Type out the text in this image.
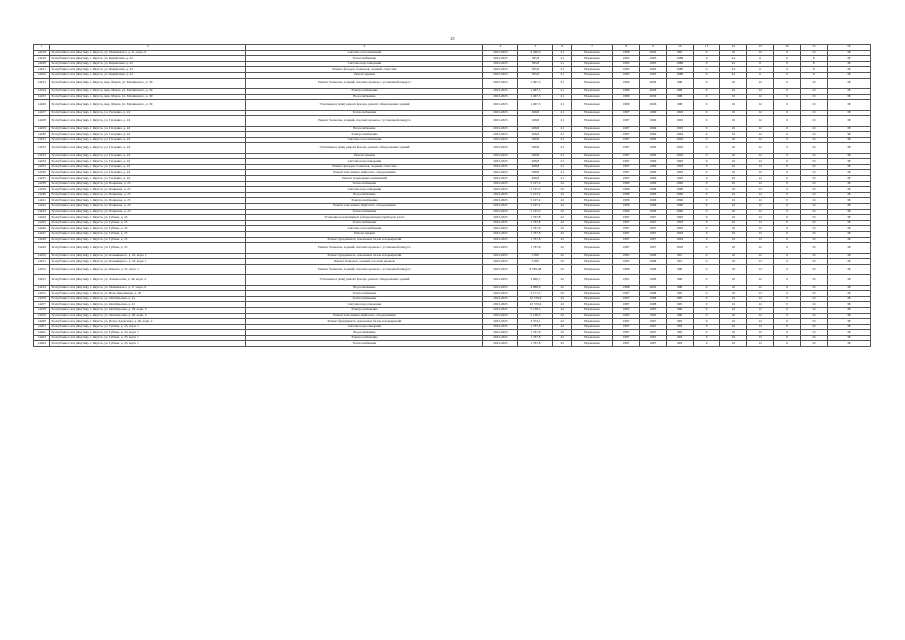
25
1	2	3	4	5	6	7	8	9	10	11	12	13	14	15	16
14218	Республика Саха (Якутия), г. Якутск, ул. Можайского, д. 21, корп. 6	Система газоснабжения	2023-2025	4 599,0	21	Нормально	1988	2002	995	0	16	12	0	10	38
14219	Республика Саха (Якутия), г. Якутск, ул. Кирпичная, д. 22	Теплоснабжение	2023-2025	595,8	21	Нормально	1983	1993	1988	0	24	6	0	8	38
14220	Республика Саха (Якутия), г. Якутск, ул. Кирпичная, д. 22	Система водоотведения	2023-2025	595,8	21	Нормально	1983	1993	1988	0	24	6	0	8	38
14221	Республика Саха (Якутия), г. Якутск, ул. Кирпичная, д. 22	Ремонт фасадов, балконов, лоджий, отмостки	2023-2025	595,8	21	Нормально	1983	1993	1988	0	24	6	0	8	38
14222	Республика Саха (Якутия), г. Якутск, ул. Кирпичная, д. 22	Ремонт крыши	2023-2025	595,8	21	Нормально	1983	1993	1988	0	24	6	0	8	38
14223	Республика Саха (Якутия), г. Якутск, мкр. Марха, ул. Малинового, д. 30	Ремонт балконов, лоджий, плоских кровель с установкой пандуса	2023-2025	1 467,3	21	Нормально	1989	2006	998	0	16	12	0	10	38
14224	Республика Саха (Якутия), г. Якутск, мкр. Марха, ул. Малинового, д. 30	Электроснабжение	2023-2025	1 467,3	21	Нормально	1989	2006	998	0	16	12	0	10	38
14225	Республика Саха (Якутия), г. Якутск, мкр. Марха, ул. Малинового, д. 30	Водоснабжение	2023-2025	1 467,3	21	Нормально	1989	2006	998	0	16	12	0	10	38
14226	Республика Саха (Якутия), г. Якутск, мкр. Марха, ул. Малинового, д. 30	Утепление и (или) ремонт фасада, ремонт общедомовых зданий	2023-2025	1 467,3	21	Нормально	1989	2006	998	0	16	12	0	10	38
14227	Республика Саха (Якутия), г. Якутск, ул. Гагарина, д. 24	Теплоснабжение	2023-2025	928,8	21	Нормально	1987	1999	1993	0	16	12	0	10	38
14228	Республика Саха (Якутия), г. Якутск, ул. Гагарина, д. 24	Ремонт балконов, лоджий, плоских кровель с установкой пандуса	2023-2025	928,8	21	Нормально	1987	1999	1993	0	16	12	0	10	38
14229	Республика Саха (Якутия), г. Якутск, ул. Гагарина, д. 24	Водоснабжение	2023-2025	928,8	21	Нормально	1987	1999	1993	0	16	12	0	10	38
14230	Республика Саха (Якутия), г. Якутск, ул. Гагарина, д. 24	Электроснабжение	2023-2025	928,8	21	Нормально	1987	1999	1993	0	16	12	0	10	38
14231	Республика Саха (Якутия), г. Якутск, ул. Гагарина, д. 24	Система газоснабжения	2023-2025	928,8	21	Нормально	1987	1999	1993	0	16	12	0	10	38
14232	Республика Саха (Якутия), г. Якутск, ул. Гагарина, д. 24	Утепление и (или) ремонт фасада, ремонт общедомовых зданий	2023-2025	928,8	21	Нормально	1987	1999	1993	0	16	12	0	10	38
14233	Республика Саха (Якутия), г. Якутск, ул. Гагарина, д. 24	Ремонт крыши	2023-2025	928,8	21	Нормально	1987	1999	1993	0	16	12	0	10	38
14234	Республика Саха (Якутия), г. Якутск, ул. Гагарина, д. 24	Система водоотведения	2023-2025	928,8	21	Нормально	1987	1999	1993	0	16	12	0	10	38
14235	Республика Саха (Якутия), г. Якутск, ул. Гагарина, д. 24	Ремонт фасадов, балконов, лоджий, отмостки	2023-2025	928,8	21	Нормально	1987	1999	1993	0	16	12	0	10	38
14236	Республика Саха (Якутия), г. Якутск, ул. Гагарина, д. 24	Ремонт или замена лифтового оборудования	2023-2025	928,8	21	Нормально	1987	1999	1993	0	16	12	0	10	38
14237	Республика Саха (Якутия), г. Якутск, ул. Гагарина, д. 24	Ремонт подвальных помещений	2023-2025	928,8	21	Нормально	1987	1999	1993	0	16	12	0	10	38
14238	Республика Саха (Якутия), г. Якутск, ул. Пояркова, д. 25	Теплоснабжение	2023-2025	5 197,2	22	Нормально	1986	1996	1990	0	16	12	0	10	38
14239	Республика Саха (Якутия), г. Якутск, ул. Пояркова, д. 25	Система водоотведения	2023-2025	5 197,2	22	Нормально	1986	1996	1990	0	16	12	0	10	38
14240	Республика Саха (Якутия), г. Якутск, ул. Пояркова, д. 25	Водоснабжение	2023-2025	5 197,2	22	Нормально	1986	1996	1990	0	16	12	0	10	38
14241	Республика Саха (Якутия), г. Якутск, ул. Пояркова, д. 25	Электроснабжение	2023-2025	5 197,2	22	Нормально	1986	1996	1990	0	16	12	0	10	38
14242	Республика Саха (Якутия), г. Якутск, ул. Пояркова, д. 25	Ремонт или замена лифтового оборудования	2023-2025	5 197,2	22	Нормально	1986	1996	1990	0	16	12	0	10	38
14243	Республика Саха (Якутия), г. Якутск, ул. Пояркова, д. 25	Теплоснабжение	2023-2025	5 197,2	22	Нормально	1986	1996	1990	0	16	12	0	10	38
14244	Республика Саха (Якутия), г. Якутск, ул. Губина, д. 25	Установка коллективных (общедомовых) приборов учета	2023-2025	1 767,8	22	Нормально	1987	1997	1993	0	16	12	0	10	38
14245	Республика Саха (Якутия), г. Якутск, ул. Губина, д. 25	Теплоснабжение	2023-2025	1 767,8	22	Нормально	1987	1997	1993	0	16	12	0	10	38
14246	Республика Саха (Якутия), г. Якутск, ул. Губина, д. 25	Система газоснабжения	2023-2025	1 767,8	22	Нормально	1987	1997	1993	0	16	12	0	10	38
14247	Республика Саха (Якутия), г. Якутск, ул. Губина, д. 25	Ремонт крыши	2023-2025	1 767,8	22	Нормально	1987	1997	1993	0	16	12	0	10	38
14248	Республика Саха (Якутия), г. Якутск, ул. Губина, д. 25	Ремонт фундамента, цокольных балок и перекрытий	2023-2025	1 767,8	22	Нормально	1987	1997	1993	0	16	12	0	10	38
14249	Республика Саха (Якутия), г. Якутск, ул. Губина, д. 25	Ремонт балконов, лоджий, плоских кровель с установкой пандуса	2023-2025	1 767,8	22	Нормально	1987	1997	1993	0	16	12	0	10	38
14250	Республика Саха (Якутия), г. Якутск, ул. Кальвицкого, д. 23, корп. 1	Ремонт фундамента, цокольных балок и перекрытий	2023-2025	5 891	22	Нормально	1985	1996	991	0	16	12	0	10	38
14251	Республика Саха (Якутия), г. Якутск, ул. Кальвицкого, д. 23, корп. 1	Ремонт балконов, лоджий, плоских кровель	2023-2025	5 891	22	Нормально	1985	1996	991	0	16	12	0	10	38
14252	Республика Саха (Якутия), г. Якутск, ул. Кирова, д. 31, корп. 1	Ремонт балконов, лоджий, плоских кровель с установкой пандуса	2023-2025	8 585,48	22	Нормально	1986	1996	996	0	16	12	0	10	38
14253	Республика Саха (Якутия), г. Якутск, ул. Ломоносова, д. 40, корп. 4	Утепление и (или) ремонт фасада, ремонт общедомовых зданий	2023-2025	3 699,7	22	Нормально	1991	1996	999	0	16	12	0	10	38
14254	Республика Саха (Якутия), г. Якутск, ул. Можайского, д. 17, корп. 6	Водоснабжение	2023-2025	4 888,9	22	Нормально	1988	2002	998	0	16	12	0	10	38
14255	Республика Саха (Якутия), г. Якутск, ул. Ново-Кирпичная, д. 20	Теплоснабжение	2023-2025	2 171,3	22	Нормально	1987	1998	995	0	16	12	0	10	38
14256	Республика Саха (Якутия), г. Якутск, ул. Октябрьская, д. 41	Теплоснабжение	2023-2025	10 576,6	22	Нормально	1987	1998	995	0	16	12	0	10	38
14257	Республика Саха (Якутия), г. Якутск, ул. Октябрьская, д. 41	Система водоотведения	2023-2025	10 576,6	22	Нормально	1987	1998	995	0	16	12	0	10	38
14258	Республика Саха (Якутия), г. Якутск, ул. Октябрьская, д. 28, корп. 3	Электроснабжение	2023-2025	5 138,5	22	Нормально	1985	1995	990	0	16	12	0	10	38
14259	Республика Саха (Якутия), г. Якутск, ул. Октябрьская, д. 28, корп. 3	Ремонт или замена лифтового оборудования	2023-2025	5 138,5	22	Нормально	1985	1995	990	0	16	12	0	10	38
14260	Республика Саха (Якутия), г. Якутск, ул. Петра Алексеева, д. 40, корп. 2	Ремонт фундамента, цокольных балок и перекрытий	2023-2025	3 474,1	22	Нормально	1987	1997	993	0	16	12	0	10	38
14261	Республика Саха (Якутия), г. Якутск, ул. Губина, д. 25, корп. 1	Система водоотведения	2023-2025	1 767,8	22	Нормально	1987	1997	993	0	16	12	0	10	38
14262	Республика Саха (Якутия), г. Якутск, ул. Губина, д. 25, корп. 1	Водоснабжение	2023-2025	1 767,8	22	Нормально	1987	1997	993	0	16	12	0	10	38
14263	Республика Саха (Якутия), г. Якутск, ул. Губина, д. 25, корп. 1	Электроснабжение	2023-2025	1 767,8	22	Нормально	1987	1997	993	0	16	12	0	10	38
14264	Республика Саха (Якутия), г. Якутск, ул. Губина, д. 25, корп. 1	Теплоснабжение	2023-2025	1 767,8	22	Нормально	1987	1997	993	0	16	12	0	10	38
